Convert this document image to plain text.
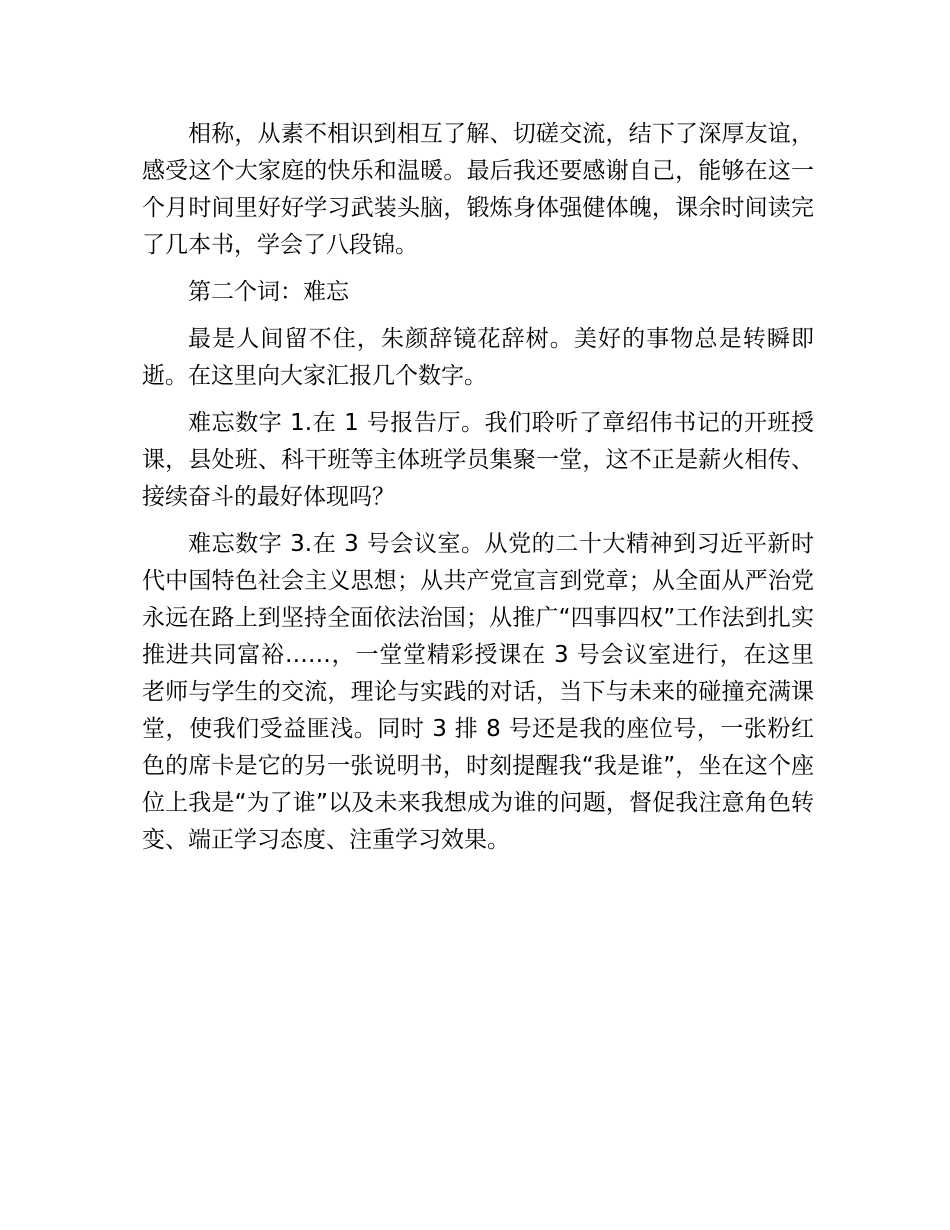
相称，从素不相识到相互了解、切磋交流，结下了深厚友谊，感受这个大家庭的快乐和温暖。最后我还要感谢自己，能够在这一个月时间里好好学习武装头脑，锻炼身体强健体魄，课余时间读完了几本书，学会了八段锦。

第二个词：难忘

最是人间留不住，朱颜辞镜花辞树。美好的事物总是转瞬即逝。在这里向大家汇报几个数字。

难忘数字 1.在 1 号报告厅。我们聆听了章绍伟书记的开班授课，县处班、科干班等主体班学员集聚一堂，这不正是薪火相传、接续奋斗的最好体现吗？

难忘数字 3.在 3 号会议室。从党的二十大精神到习近平新时代中国特色社会主义思想；从共产党宣言到党章；从全面从严治党永远在路上到坚持全面依法治国；从推广“四事四权”工作法到扎实推进共同富裕……，一堂堂精彩授课在 3 号会议室进行，在这里老师与学生的交流，理论与实践的对话，当下与未来的碰撞充满课堂，使我们受益匪浅。同时 3 排 8 号还是我的座位号，一张粉红色的席卡是它的另一张说明书，时刻提醒我“我是谁”，坐在这个座位上我是“为了谁”以及未来我想成为谁的问题，督促我注意角色转变、端正学习态度、注重学习效果。
